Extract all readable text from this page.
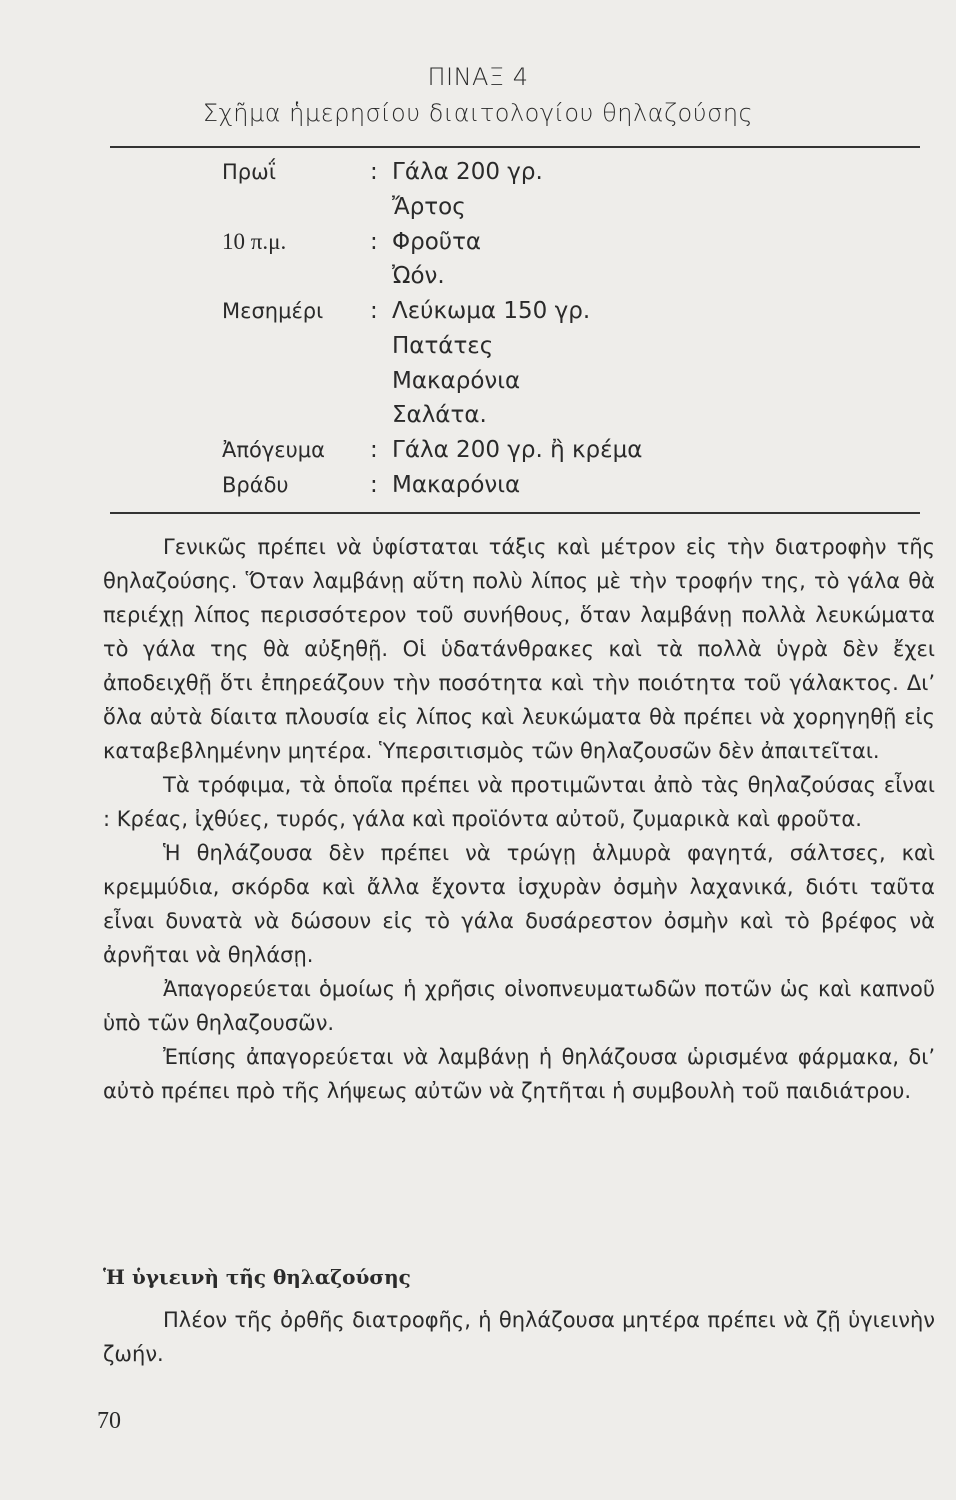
ΠΙΝΑΞ 4
Σχῆμα ἡμερησίου διαιτολογίου θηλαζούσης
Πρωΐ	: Γάλα 200 γρ.
Ἄρτος
10 π.μ.	: Φροῦτα
Ὠόν.
Μεσημέρι : Λεύκωμα 150 γρ.
Πατάτες
Μακαρόνια
Σαλάτα.
Ἀπόγευμα : Γάλα 200 γρ. ἢ κρέμα
Βράδυ	: Μακαρόνια

Γενικῶς πρέπει νὰ ὑφίσταται τάξις καὶ μέτρον εἰς τὴν διατροφὴν τῆς θηλαζούσης. Ὅταν λαμβάνῃ αὕτη πολὺ λίπος μὲ τὴν τροφήν της, τὸ γάλα θὰ περιέχῃ λίπος περισσότερον τοῦ συνήθους, ὅταν λαμβάνῃ πολλὰ λευκώματα τὸ γάλα της θὰ αὐξηθῇ. Οἱ ὑδατάνθρακες καὶ τὰ πολλὰ ὑγρὰ δὲν ἔχει ἀποδειχθῇ ὅτι ἐπηρεάζουν τὴν ποσότητα καὶ τὴν ποιότητα τοῦ γάλακτος. Δι’ ὅλα αὐτὰ δίαιτα πλουσία εἰς λίπος καὶ λευκώματα θὰ πρέπει νὰ χορηγηθῇ εἰς καταβεβλημένην μητέρα. Ὑπερσιτισμὸς τῶν θηλαζουσῶν δὲν ἀπαιτεῖται.

Τὰ τρόφιμα, τὰ ὁποῖα πρέπει νὰ προτιμῶνται ἀπὸ τὰς θηλαζούσας εἶναι : Κρέας, ἰχθύες, τυρός, γάλα καὶ προϊόντα αὐτοῦ, ζυμαρικὰ καὶ φροῦτα.

Ἡ θηλάζουσα δὲν πρέπει νὰ τρώγῃ ἁλμυρὰ φαγητά, σάλτσες, καὶ κρεμμύδια, σκόρδα καὶ ἄλλα ἔχοντα ἰσχυρὰν ὀσμὴν λαχανικά, διότι ταῦτα εἶναι δυνατὰ νὰ δώσουν εἰς τὸ γάλα δυσάρεστον ὀσμὴν καὶ τὸ βρέφος νὰ ἀρνῆται νὰ θηλάσῃ.

Ἀπαγορεύεται ὁμοίως ἡ χρῆσις οἰνοπνευματωδῶν ποτῶν ὡς καὶ καπνοῦ ὑπὸ τῶν θηλαζουσῶν.

Ἐπίσης ἀπαγορεύεται νὰ λαμβάνῃ ἡ θηλάζουσα ὡρισμένα φάρμακα, δι’ αὐτὸ πρέπει πρὸ τῆς λήψεως αὐτῶν νὰ ζητῆται ἡ συμβουλὴ τοῦ παιδιάτρου.

Ἡ ὑγιεινὴ τῆς θηλαζούσης

Πλέον τῆς ὀρθῆς διατροφῆς, ἡ θηλάζουσα μητέρα πρέπει νὰ ζῇ ὑγιεινὴν ζωήν.

70
